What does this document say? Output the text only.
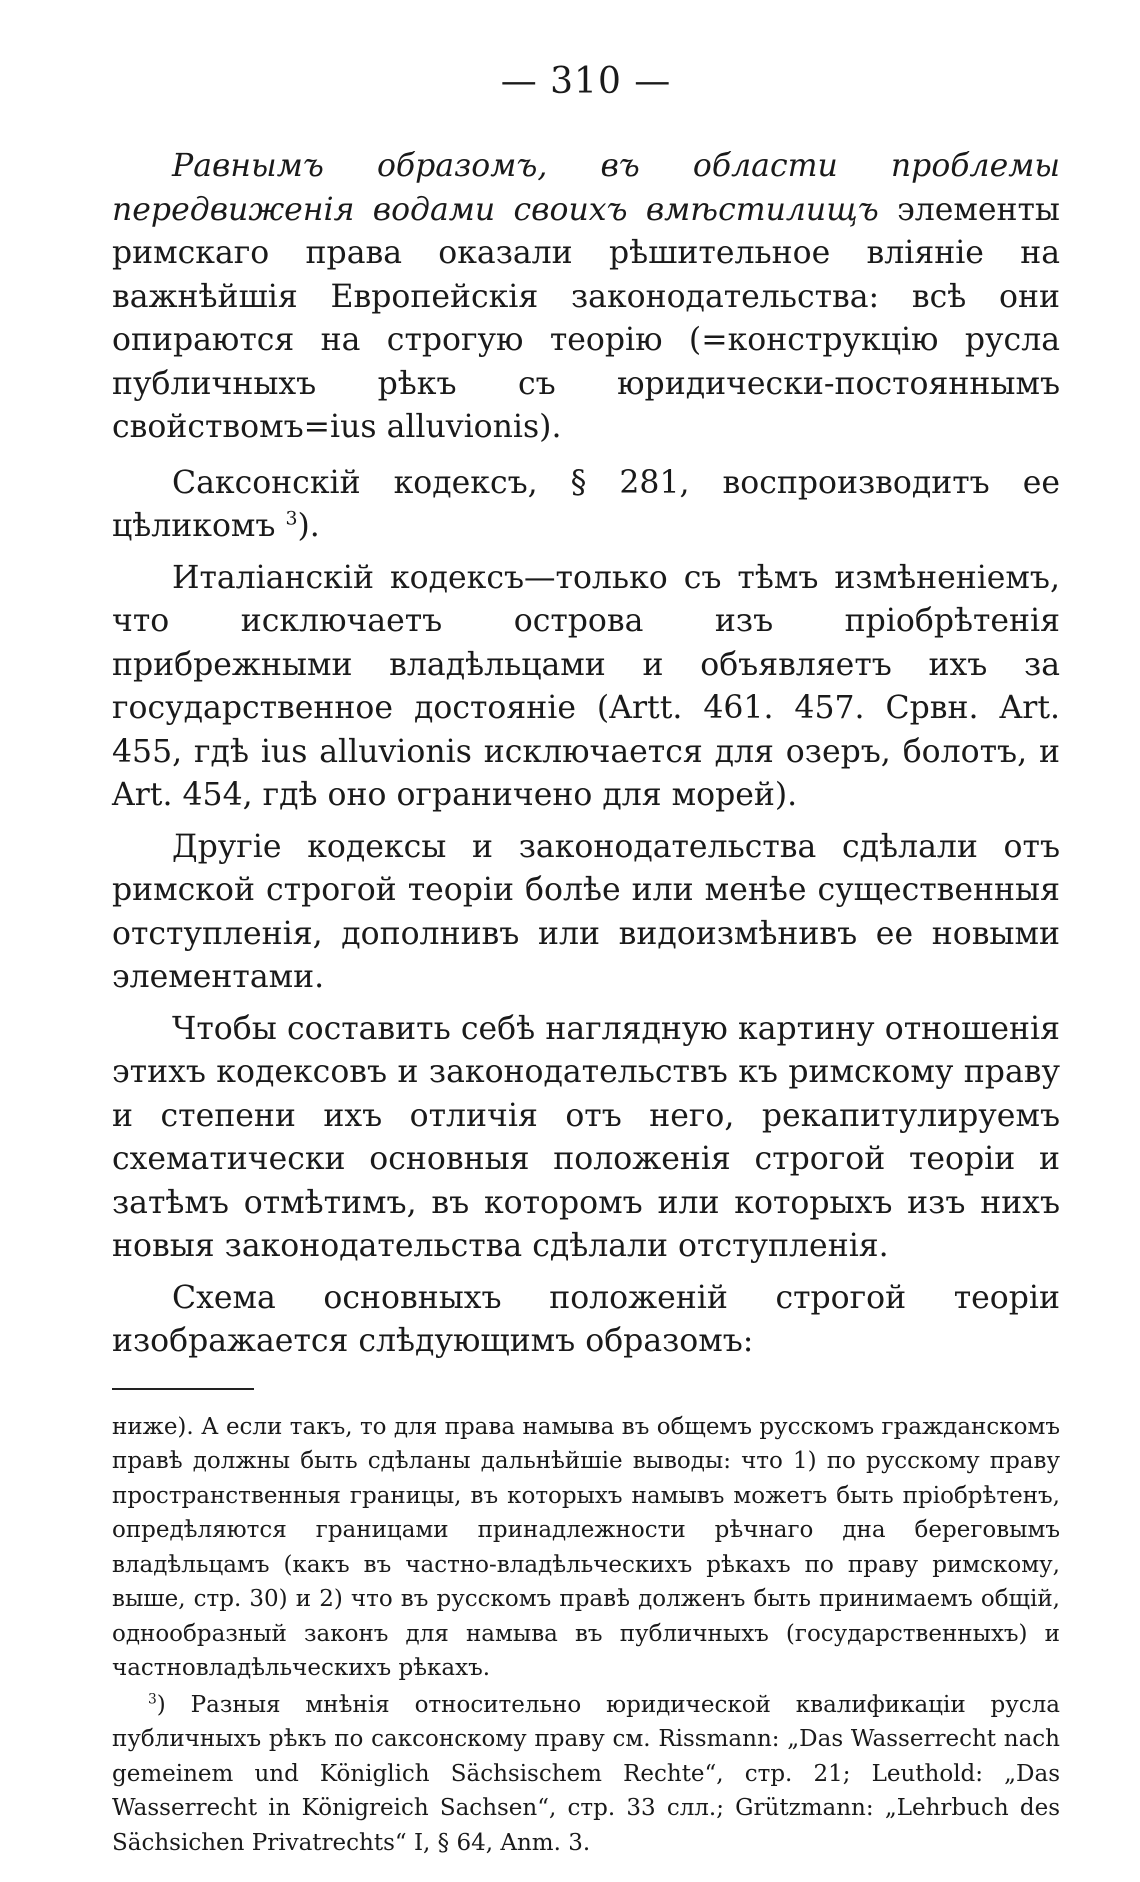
— 310 —

Равнымъ образомъ, въ области проблемы передвиженія водами своихъ вмѣстилищъ элементы римскаго права оказали рѣшительное вліяніе на важнѣйшія Европейскія законодательства: всѣ они опираются на строгую теорію (=конструкцію русла публичныхъ рѣкъ съ юридически-постояннымъ свойствомъ=ius alluvionis).

Саксонскій кодексъ, § 281, воспроизводитъ ее цѣликомъ $^3$).

Италіанскій кодексъ—только съ тѣмъ измѣненіемъ, что исключаетъ острова изъ пріобрѣтенія прибрежными владѣльцами и объявляетъ ихъ за государственное достояніе (Artt. 461. 457. Срвн. Art. 455, гдѣ ius alluvionis исключается для озеръ, болотъ, и Art. 454, гдѣ оно ограничено для морей).

Другіе кодексы и законодательства сдѣлали отъ римской строгой теоріи болѣе или менѣе существенныя отступленія, дополнивъ или видоизмѣнивъ ее новыми элементами.

Чтобы составить себѣ наглядную картину отношенія этихъ кодексовъ и законодательствъ къ римскому праву и степени ихъ отличія отъ него, рекапитулируемъ схематически основныя положенія строгой теоріи и затѣмъ отмѣтимъ, въ которомъ или которыхъ изъ нихъ новыя законодательства сдѣлали отступленія.

Схема основныхъ положеній строгой теоріи изображается слѣдующимъ образомъ:

ниже). А если такъ, то для права намыва въ общемъ русскомъ гражданскомъ правѣ должны быть сдѣланы дальнѣйшіе выводы: что 1) по русскому праву пространственныя границы, въ которыхъ намывъ можетъ быть пріобрѣтенъ, опредѣляются границами принадлежности рѣчнаго дна береговымъ владѣльцамъ (какъ въ частно-владѣльческихъ рѣкахъ по праву римскому, выше, стр. 30) и 2) что въ русскомъ правѣ долженъ быть принимаемъ общій, однообразный законъ для намыва въ публичныхъ (государственныхъ) и частновладѣльческихъ рѣкахъ.

$^3$) Разныя мнѣнія относительно юридической квалификаціи русла публичныхъ рѣкъ по саксонскому праву см. Rissmann: „Das Wasserrecht nach gemeinem und Königlich Sächsischem Rechte“, стр. 21; Leuthold: „Das Wasserrecht in Königreich Sachsen“, стр. 33 слл.; Grützmann: „Lehrbuch des Sächsichen Privatrechts“ I, § 64, Anm. 3.
